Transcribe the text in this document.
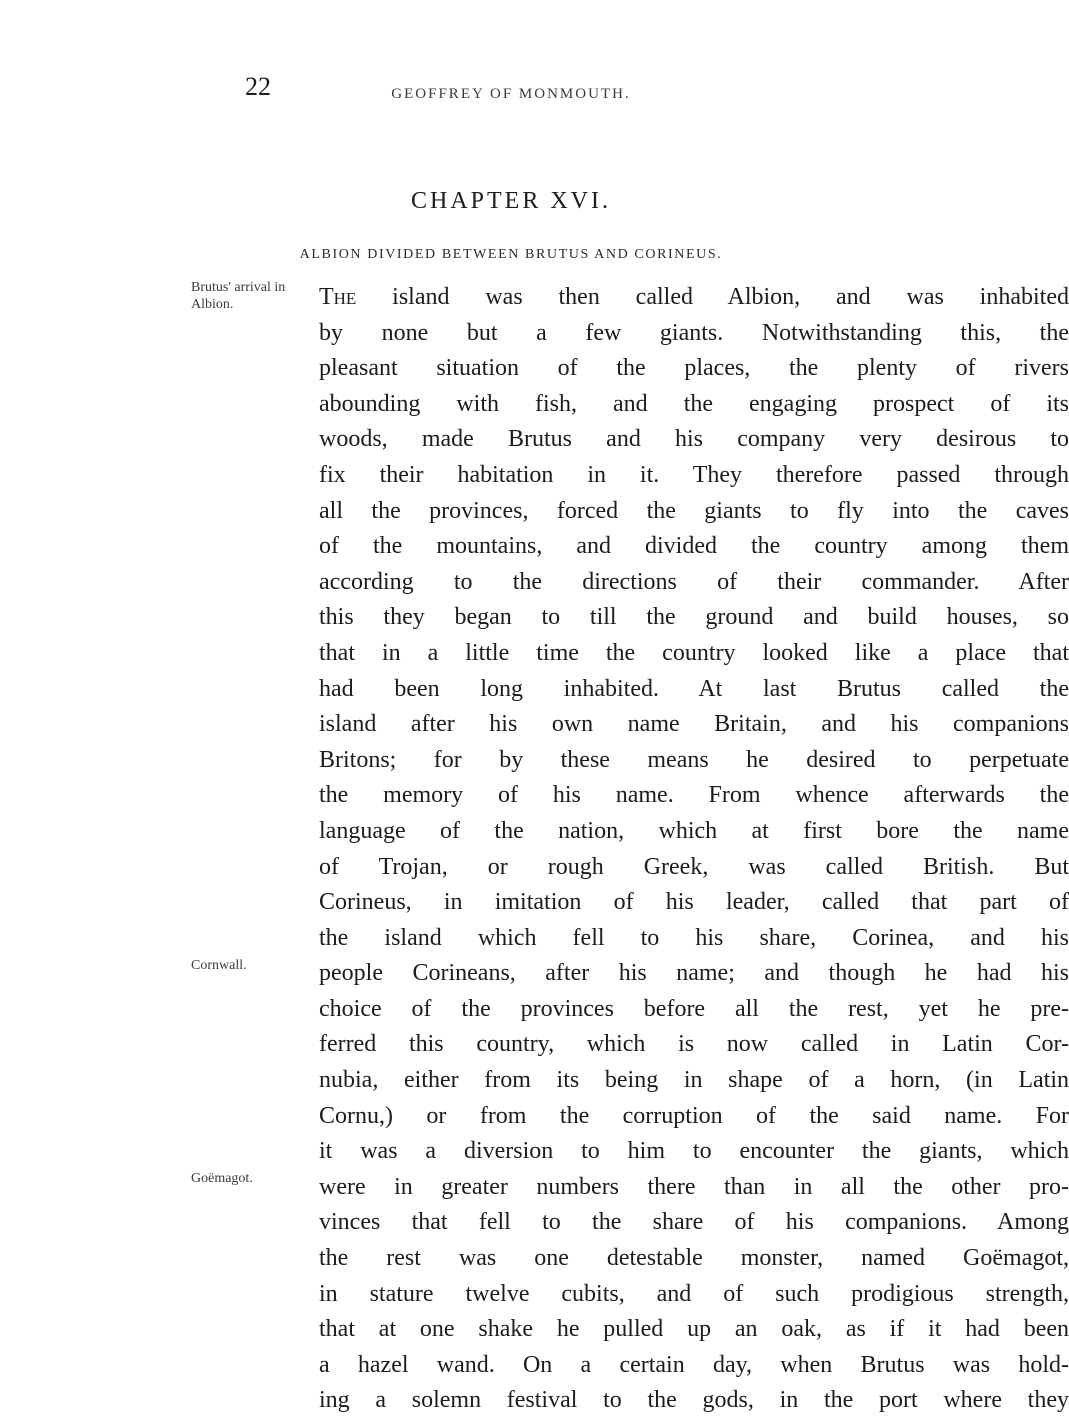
22	GEOFFREY OF MONMOUTH.
CHAPTER XVI.
ALBION DIVIDED BETWEEN BRUTUS AND CORINEUS.
Brutus' arrival in Albion.
Cornwall.
Goëmagot.
The island was then called Albion, and was inhabited
by none but a few giants. Notwithstanding this, the
pleasant situation of the places, the plenty of rivers
abounding with fish, and the engaging prospect of its
woods, made Brutus and his company very desirous to
fix their habitation in it. They therefore passed through
all the provinces, forced the giants to fly into the caves
of the mountains, and divided the country among them
according to the directions of their commander. After
this they began to till the ground and build houses, so
that in a little time the country looked like a place that
had been long inhabited. At last Brutus called the
island after his own name Britain, and his companions
Britons; for by these means he desired to perpetuate
the memory of his name. From whence afterwards the
language of the nation, which at first bore the name
of Trojan, or rough Greek, was called British. But
Corineus, in imitation of his leader, called that part of
the island which fell to his share, Corinea, and his
people Corineans, after his name; and though he had his
choice of the provinces before all the rest, yet he pre-
ferred this country, which is now called in Latin Cor-
nubia, either from its being in shape of a horn, (in Latin
Cornu,) or from the corruption of the said name. For
it was a diversion to him to encounter the giants, which
were in greater numbers there than in all the other pro-
vinces that fell to the share of his companions. Among
the rest was one detestable monster, named Goëmagot,
in stature twelve cubits, and of such prodigious strength,
that at one shake he pulled up an oak, as if it had been
a hazel wand. On a certain day, when Brutus was hold-
ing a solemn festival to the gods, in the port where they
